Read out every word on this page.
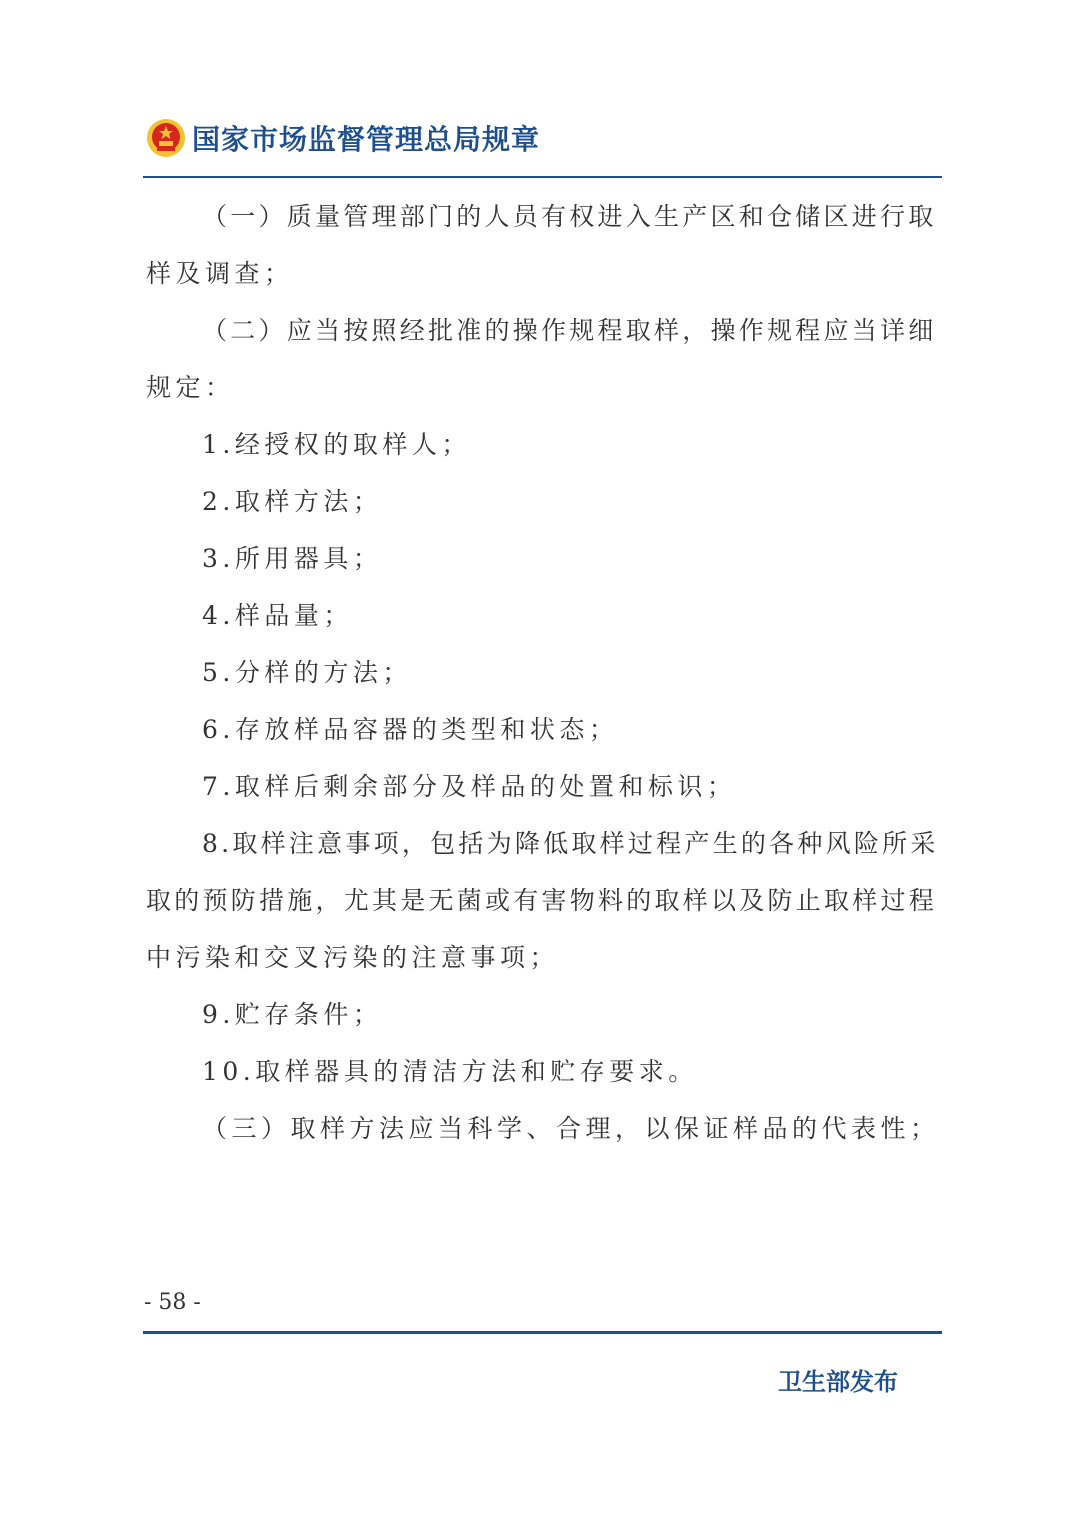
国家市场监督管理总局规章
（一）质量管理部门的人员有权进入生产区和仓储区进行取
样及调查；
（二）应当按照经批准的操作规程取样，操作规程应当详细
规定：
1.经授权的取样人；
2.取样方法；
3.所用器具；
4.样品量；
5.分样的方法；
6.存放样品容器的类型和状态；
7.取样后剩余部分及样品的处置和标识；
8.取样注意事项，包括为降低取样过程产生的各种风险所采
取的预防措施，尤其是无菌或有害物料的取样以及防止取样过程
中污染和交叉污染的注意事项；
9.贮存条件；
10.取样器具的清洁方法和贮存要求。
（三）取样方法应当科学、合理，以保证样品的代表性；
- 58 -
卫生部发布
